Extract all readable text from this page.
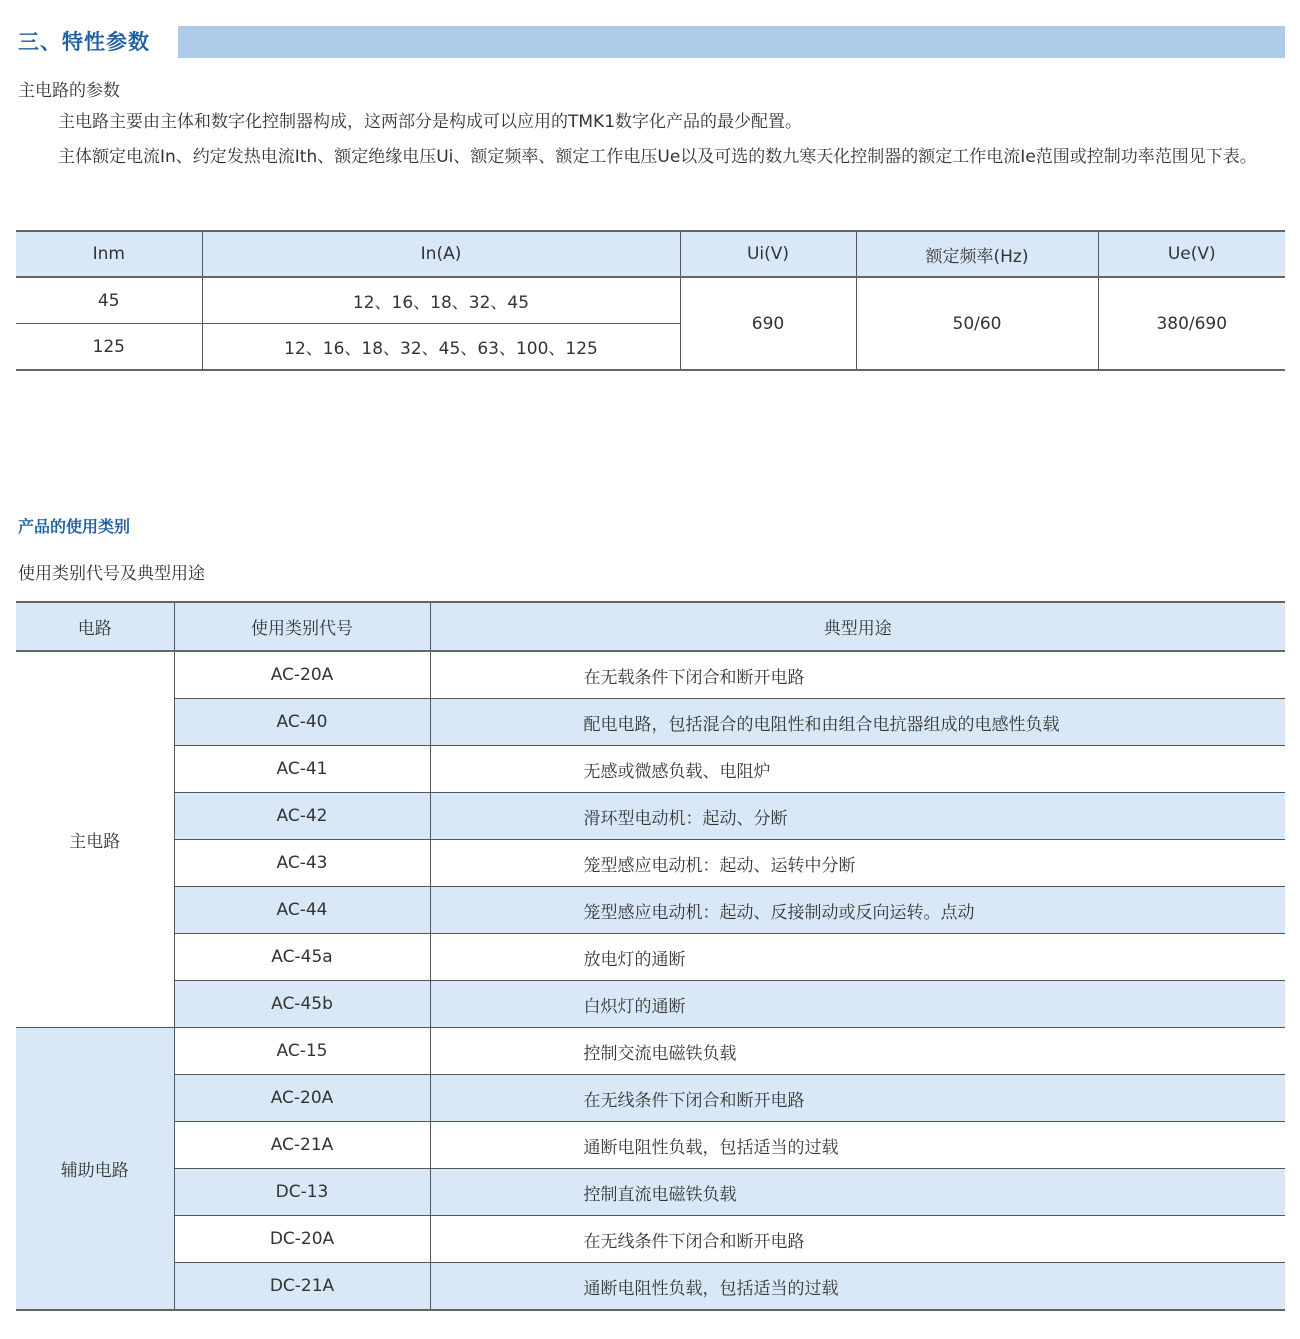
三、特性参数
主电路的参数
主电路主要由主体和数字化控制器构成，这两部分是构成可以应用的TMK1数字化产品的最少配置。
主体额定电流In、约定发热电流Ith、额定绝缘电压Ui、额定频率、额定工作电压Ue以及可选的数九寒天化控制器的额定工作电流Ie范围或控制功率范围见下表。
Inm	In(A)	Ui(V)	额定频率(Hz)	Ue(V)
45	12、16、18、32、45	690	50/60	380/690
125	12、16、18、32、45、63、100、125			
产品的使用类别
使用类别代号及典型用途
电路	使用类别代号	典型用途
主电路	AC-20A	在无载条件下闭合和断开电路
	AC-40	配电电路，包括混合的电阻性和由组合电抗器组成的电感性负载
	AC-41	无感或微感负载、电阻炉
	AC-42	滑环型电动机：起动、分断
	AC-43	笼型感应电动机：起动、运转中分断
	AC-44	笼型感应电动机：起动、反接制动或反向运转。点动
	AC-45a	放电灯的通断
	AC-45b	白炽灯的通断
辅助电路	AC-15	控制交流电磁铁负载
	AC-20A	在无线条件下闭合和断开电路
	AC-21A	通断电阻性负载，包括适当的过载
	DC-13	控制直流电磁铁负载
	DC-20A	在无线条件下闭合和断开电路
	DC-21A	通断电阻性负载，包括适当的过载
